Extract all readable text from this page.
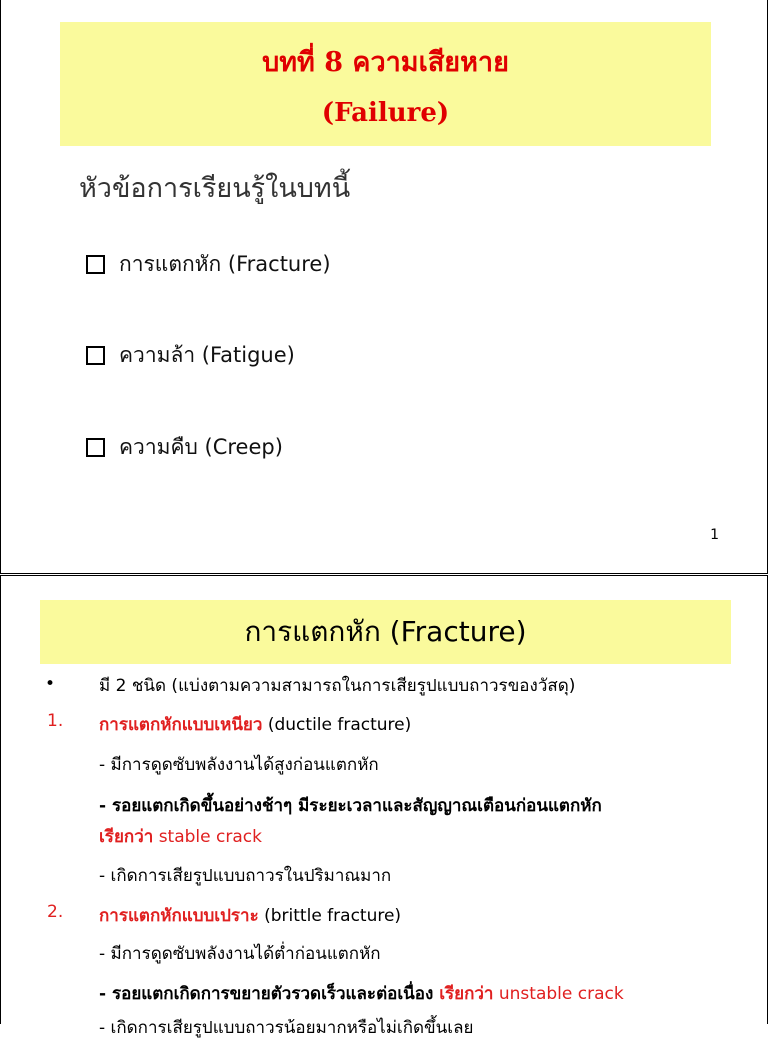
บทที่ 8 ความเสียหาย
(Failure)
หัวข้อการเรียนรู้ในบทนี้
การแตกหัก (Fracture)
ความล้า (Fatigue)
ความคืบ (Creep)
1
การแตกหัก (Fracture)
•	มี 2 ชนิด (แบ่งตามความสามารถในการเสียรูปแบบถาวรของวัสดุ)
1. การแตกหักแบบเหนียว (ductile fracture)
- มีการดูดซับพลังงานได้สูงก่อนแตกหัก
- รอยแตกเกิดขึ้นอย่างช้าๆ มีระยะเวลาและสัญญาณเตือนก่อนแตกหัก
เรียกว่า stable crack
- เกิดการเสียรูปแบบถาวรในปริมาณมาก
2. การแตกหักแบบเปราะ (brittle fracture)
- มีการดูดซับพลังงานได้ต่ำก่อนแตกหัก
- รอยแตกเกิดการขยายตัวรวดเร็วและต่อเนื่อง เรียกว่า unstable crack
- เกิดการเสียรูปแบบถาวรน้อยมากหรือไม่เกิดขึ้นเลย
